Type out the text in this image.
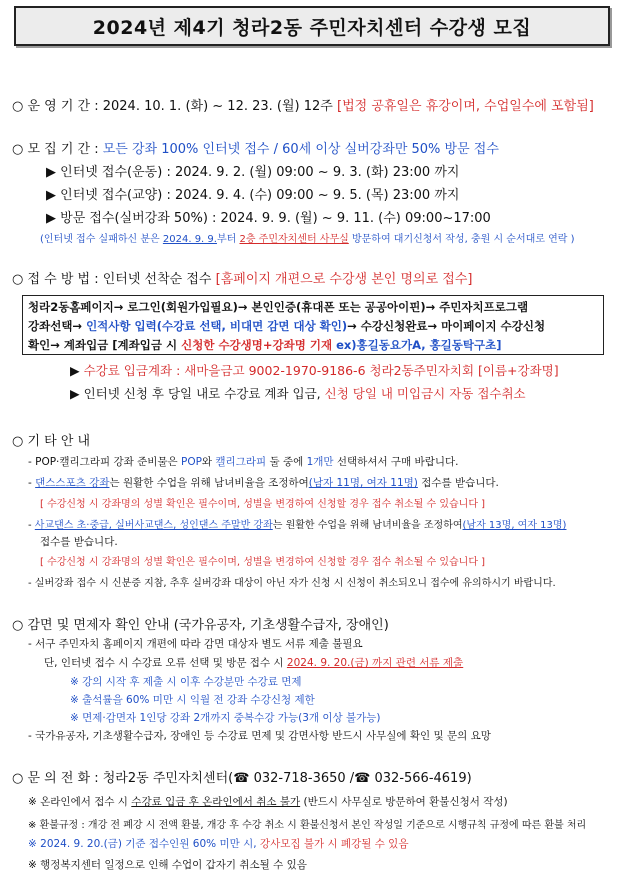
2024년 제4기 청라2동 주민자치센터 수강생 모집
○ 운 영 기 간 : 2024. 10. 1. (화) ~ 12. 23. (월) 12주 [법정 공휴일은 휴강이며, 수업일수에 포함됨]
○ 모 집 기 간 : 모든 강좌 100% 인터넷 접수 / 60세 이상 실버강좌만 50% 방문 접수
▶ 인터넷 접수(운동) : 2024. 9. 2. (월) 09:00 ~ 9. 3. (화) 23:00 까지
▶ 인터넷 접수(교양) : 2024. 9. 4. (수) 09:00 ~ 9. 5. (목) 23:00 까지
▶ 방문 접수(실버강좌 50%) : 2024. 9. 9. (월) ~ 9. 11. (수) 09:00~17:00
(인터넷 접수 실패하신 분은 2024. 9. 9.부터 2층 주민자치센터 사무실 방문하여 대기신청서 작성, 충원 시 순서대로 연락 )
○ 접 수 방 법 : 인터넷 선착순 접수 [홈페이지 개편으로 수강생 본인 명의로 접수]
청라2동홈페이지→ 로그인(회원가입필요)→ 본인인증(휴대폰 또는 공공아이핀)→ 주민자치프로그램
강좌선택→ 인적사항 입력(수강료 선택, 비대면 감면 대상 확인)→ 수강신청완료→ 마이페이지 수강신청
확인→ 계좌입금 [계좌입금 시 신청한 수강생명+강좌명 기재 ex)홍길동요가A, 홍길동탁구초]
▶ 수강료 입금계좌 : 새마을금고 9002-1970-9186-6 청라2동주민자치회 [이름+강좌명]
▶ 인터넷 신청 후 당일 내로 수강료 계좌 입금, 신청 당일 내 미입금시 자동 접수취소
○ 기 타 안 내
- POP·캘리그라피 강좌 준비물은 POP와 캘리그라피 둘 중에 1개만 선택하셔서 구매 바랍니다.
- 댄스스포츠 강좌는 원활한 수업을 위해 남녀비율을 조정하여(남자 11명, 여자 11명) 접수를 받습니다.
[ 수강신청 시 강좌명의 성별 확인은 필수이며, 성별을 변경하여 신청할 경우 접수 취소될 수 있습니다 ]
- 사교댄스 초·중급, 실버사교댄스, 성인댄스 주말반 강좌는 원활한 수업을 위해 남녀비율을 조정하여(남자 13명, 여자 13명)
접수를 받습니다.
[ 수강신청 시 강좌명의 성별 확인은 필수이며, 성별을 변경하여 신청할 경우 접수 취소될 수 있습니다 ]
- 실버강좌 접수 시 신분증 지참, 추후 실버강좌 대상이 아닌 자가 신청 시 신청이 취소되오니 접수에 유의하시기 바랍니다.
○ 감면 및 면제자 확인 안내 (국가유공자, 기초생활수급자, 장애인)
- 서구 주민자치 홈페이지 개편에 따라 감면 대상자 별도 서류 제출 불필요
단, 인터넷 접수 시 수강료 오류 선택 및 방문 접수 시 2024. 9. 20.(금) 까지 관련 서류 제출
※ 강의 시작 후 제출 시 이후 수강분만 수강료 면제
※ 출석률을 60% 미만 시 익월 전 강좌 수강신청 제한
※ 면제·감면자 1인당 강좌 2개까지 중복수강 가능(3개 이상 불가능)
- 국가유공자, 기초생활수급자, 장애인 등 수강료 면제 및 감면사항 반드시 사무실에 확인 및 문의 요망
○ 문 의 전 화 : 청라2동 주민자치센터(☎ 032-718-3650 /☎ 032-566-4619)
※ 온라인에서 접수 시 수강료 입금 후 온라인에서 취소 불가 (반드시 사무실로 방문하여 환불신청서 작성)
※ 환불규정 : 개강 전 폐강 시 전액 환불, 개강 후 수강 취소 시 환불신청서 본인 작성일 기준으로 시행규칙 규정에 따른 환불 처리
※ 2024. 9. 20.(금) 기준 접수인원 60% 미만 시, 강사모집 불가 시 폐강될 수 있음
※ 행정복지센터 일정으로 인해 수업이 갑자기 취소될 수 있음
